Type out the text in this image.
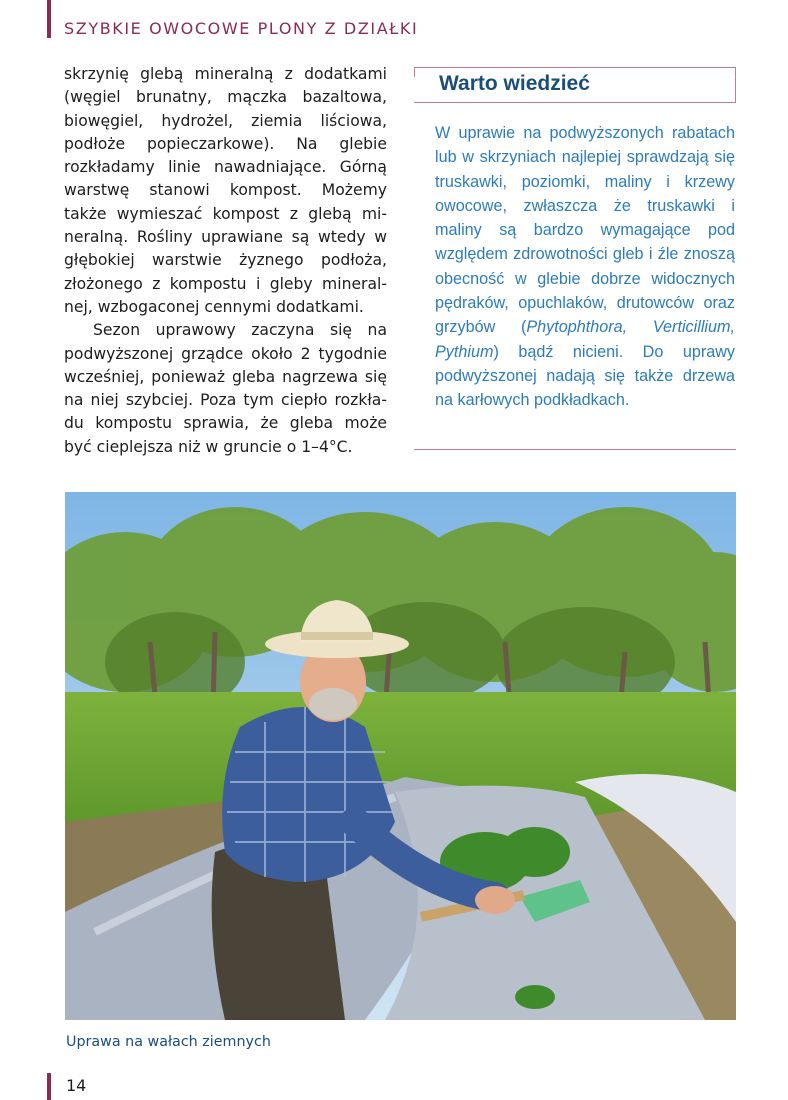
SZYBKIE OWOCOWE PLONY Z DZIAŁKI

skrzynię glebą mineralną z dodatkami (węgiel brunatny, mączka bazaltowa, biowęgiel, hydrożel, ziemia liściowa, podłoże popieczarkowe). Na glebie rozkładamy linie nawadniające. Górną warstwę stanowi kompost. Możemy także wymieszać kompost z glebą mineralną. Rośliny uprawiane są wtedy w głębokiej warstwie żyznego podłoża, złożonego z kompostu i gleby mineralnej, wzbogaconej cennymi dodatkami.

Sezon uprawowy zaczyna się na podwyższonej grządce około 2 tygodnie wcześniej, ponieważ gleba nagrzewa się na niej szybciej. Poza tym ciepło rozkładu kompostu sprawia, że gleba może być cieplejsza niż w gruncie o 1–4°C.

Warto wiedzieć

W uprawie na podwyższonych rabatach lub w skrzyniach najlepiej sprawdzają się truskawki, poziomki, maliny i krzewy owocowe, zwłaszcza że truskawki i maliny są bardzo wymagające pod względem zdrowotności gleb i źle znoszą obecność w glebie dobrze widocznych pędraków, opuchlaków, drutowców oraz grzybów (Phytophthora, Verticillium, Pythium) bądź nicieni. Do uprawy podwyższonej nadają się także drzewa na karłowych podkładkach.

Uprawa na wałach ziemnych
14
